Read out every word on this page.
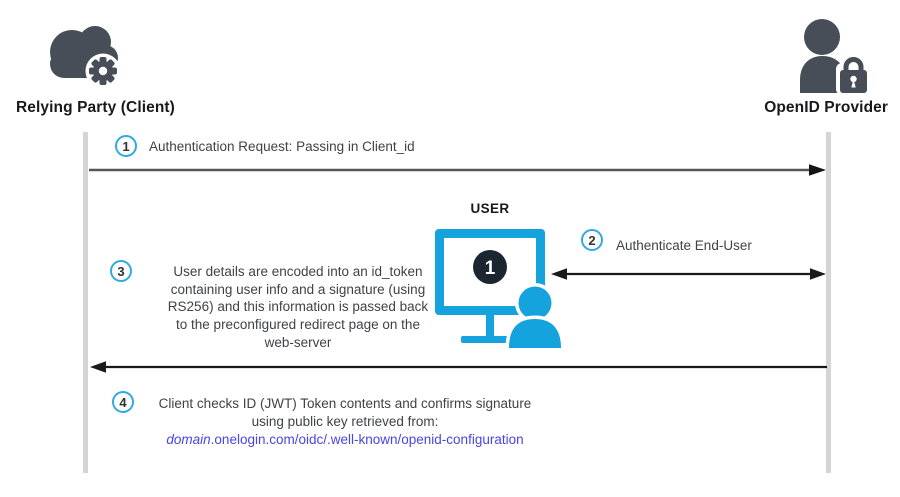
Relying Party (Client)	OpenID Provider
1 Authentication Request: Passing in Client_id
USER
1
2 Authenticate End-User
3	User details are encoded into an id_token
containing user info and a signature (using
RS256) and this information is passed back
to the preconfigured redirect page on the
web-server
4	Client checks ID (JWT) Token contents and confirms signature
using public key retrieved from:
domain.onelogin.com/oidc/.well-known/openid-configuration
